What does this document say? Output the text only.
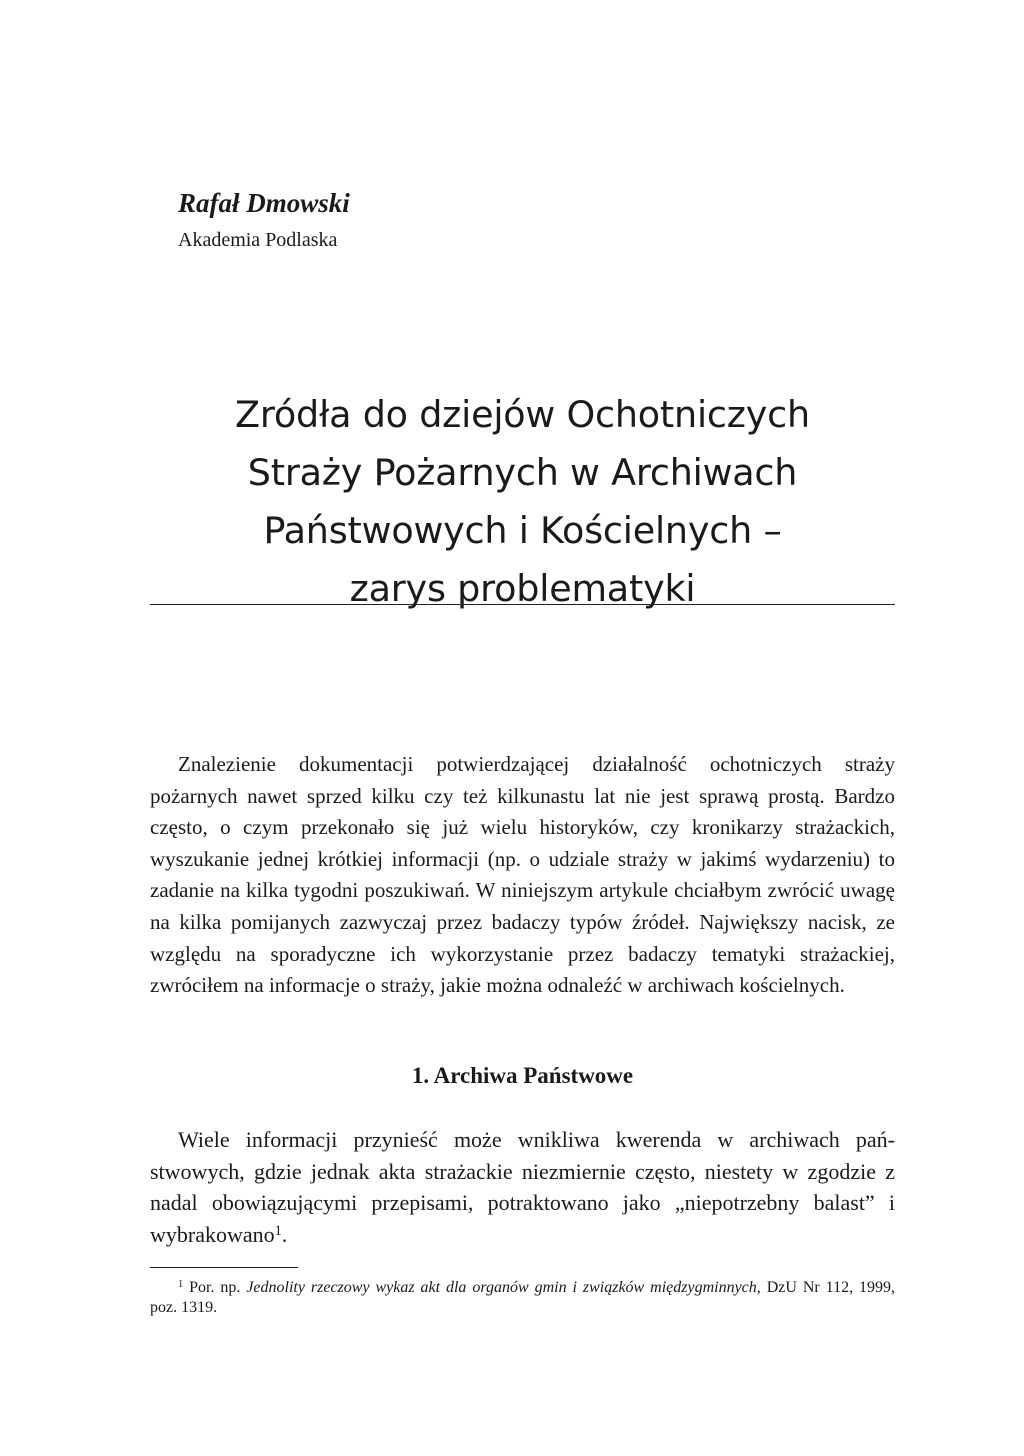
Rafał Dmowski

Akademia Podlaska

Zródła do dziejów Ochotniczych
Straży Pożarnych w Archiwach
Państwowych i Kościelnych –
zarys problematyki

Znalezienie dokumentacji potwierdzającej działalność ochotniczych straży pożarnych nawet sprzed kilku czy też kilkunastu lat nie jest sprawą prostą. Bardzo często, o czym przekonało się już wielu historyków, czy kronikarzy strażackich, wyszukanie jednej krótkiej informacji (np. o udziale straży w jakimś wydarzeniu) to zadanie na kilka tygodni poszukiwań. W niniejszym artykule chciałbym zwrócić uwagę na kilka pomijanych zazwyczaj przez badaczy typów źródeł. Największy nacisk, ze względu na sporadyczne ich wykorzystanie przez badaczy tematyki strażackiej, zwróciłem na informacje o straży, jakie można odnaleźć w archiwach kościelnych.

1. Archiwa Państwowe

Wiele informacji przynieść może wnikliwa kwerenda w archiwach państwowych, gdzie jednak akta strażackie niezmiernie często, niestety w zgodzie z nadal obowiązującymi przepisami, potraktowano jako „niepotrzebny balast” i wybrakowano$^1$.

$^1$ Por. np. Jednolity rzeczowy wykaz akt dla organów gmin i związków międzygminnych, DzU Nr 112, 1999, poz. 1319.
